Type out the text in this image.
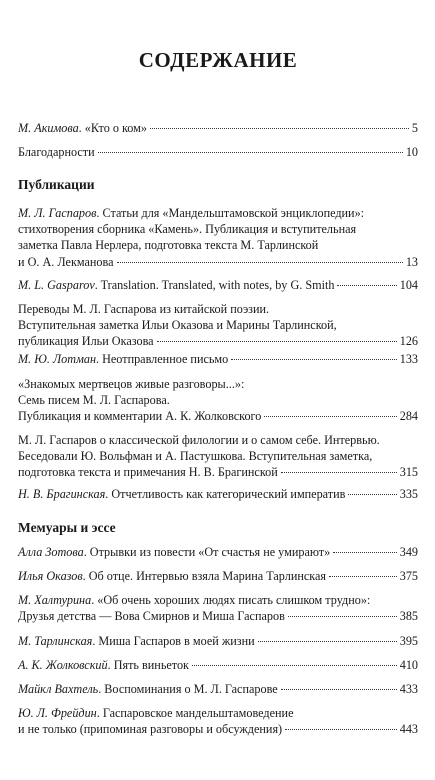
СОДЕРЖАНИЕ
М. Акимова. «Кто о ком»	5
Благодарности	10
Публикации
М. Л. Гаспаров. Статьи для «Мандельштамовской энциклопедии»:
стихотворения сборника «Камень». Публикация и вступительная
заметка Павла Нерлера, подготовка текста М. Тарлинской
и О. А. Лекманова	13
M. L. Gasparov. Translation. Translated, with notes, by G. Smith	104
Переводы М. Л. Гаспарова из китайской поэзии.
Вступительная заметка Ильи Оказова и Марины Тарлинской,
публикация Ильи Оказова	126
М. Ю. Лотман. Неотправленное письмо	133
«Знакомых мертвецов живые разговоры...»:
Семь писем М. Л. Гаспарова.
Публикация и комментарии А. К. Жолковского	284
М. Л. Гаспаров о классической филологии и о самом себе. Интервью.
Беседовали Ю. Вольфман и А. Пастушкова. Вступительная заметка,
подготовка текста и примечания Н. В. Брагинской	315
Н. В. Брагинская. Отчетливость как категорический императив	335
Мемуары и эссе
Алла Зотова. Отрывки из повести «От счастья не умирают»	349
Илья Оказов. Об отце. Интервью взяла Марина Тарлинская	375
М. Халтурина. «Об очень хороших людях писать слишком трудно»:
Друзья детства — Вова Смирнов и Миша Гаспаров	385
М. Тарлинская. Миша Гаспаров в моей жизни	395
А. К. Жолковский. Пять виньеток	410
Майкл Вахтель. Воспоминания о М. Л. Гаспарове	433
Ю. Л. Фрейдин. Гаспаровское мандельштамоведение
и не только (припоминая разговоры и обсуждения)	443
